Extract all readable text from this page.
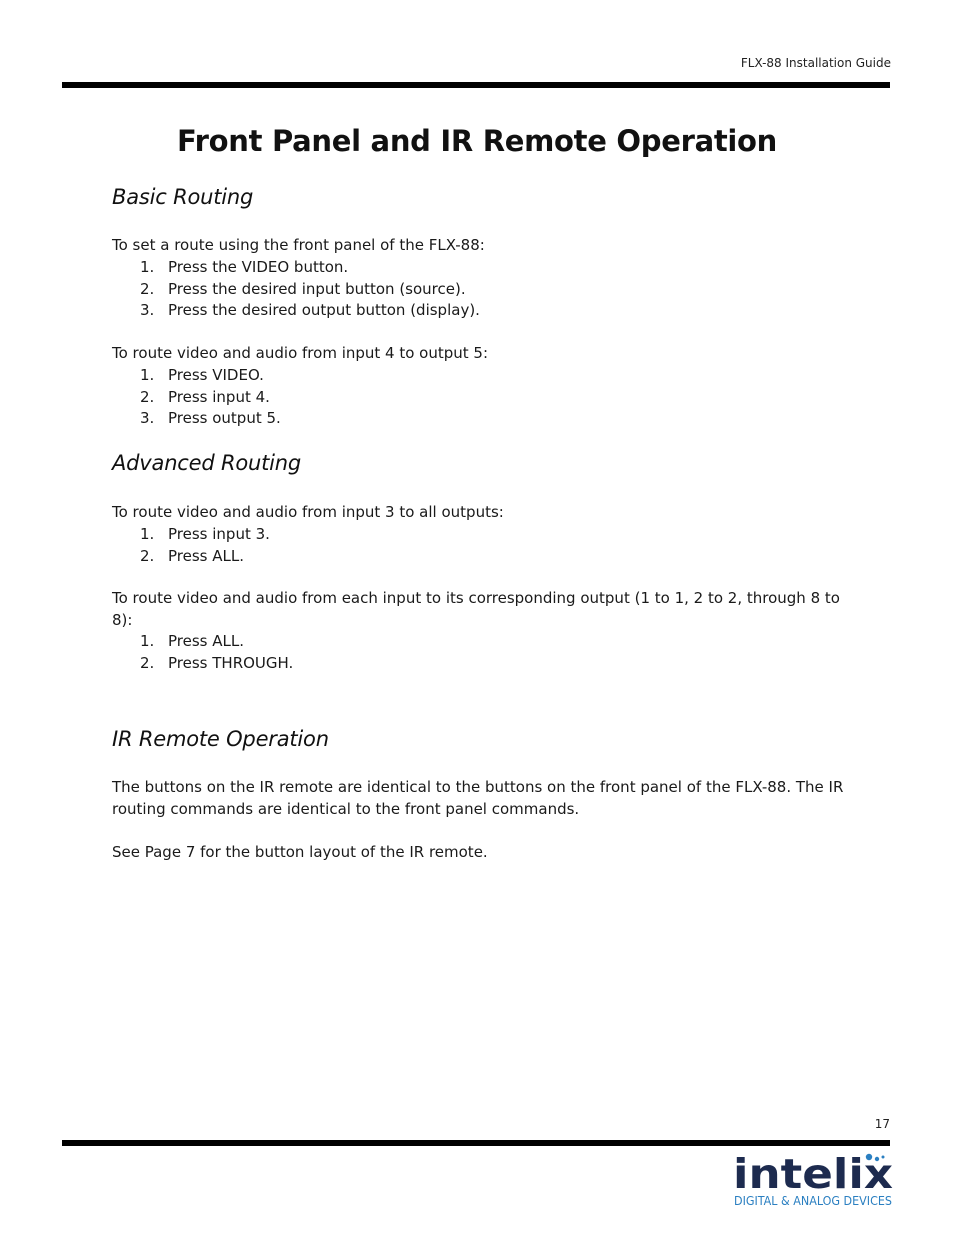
FLX-88 Installation Guide
Front Panel and IR Remote Operation
Basic Routing

To set a route using the front panel of the FLX-88:

1. Press the VIDEO button.
2. Press the desired input button (source).
3. Press the desired output button (display).

To route video and audio from input 4 to output 5:

1. Press VIDEO.
2. Press input 4.
3. Press output 5.
Advanced Routing

To route video and audio from input 3 to all outputs:

1. Press input 3.
2. Press ALL.

To route video and audio from each input to its corresponding output (1 to 1, 2 to 2, through 8 to 8):

1. Press ALL.
2. Press THROUGH.
IR Remote Operation

The buttons on the IR remote are identical to the buttons on the front panel of the FLX-88. The IR routing commands are identical to the front panel commands.

See Page 7 for the button layout of the IR remote.

17
intelix
DIGITAL & ANALOG DEVICES
